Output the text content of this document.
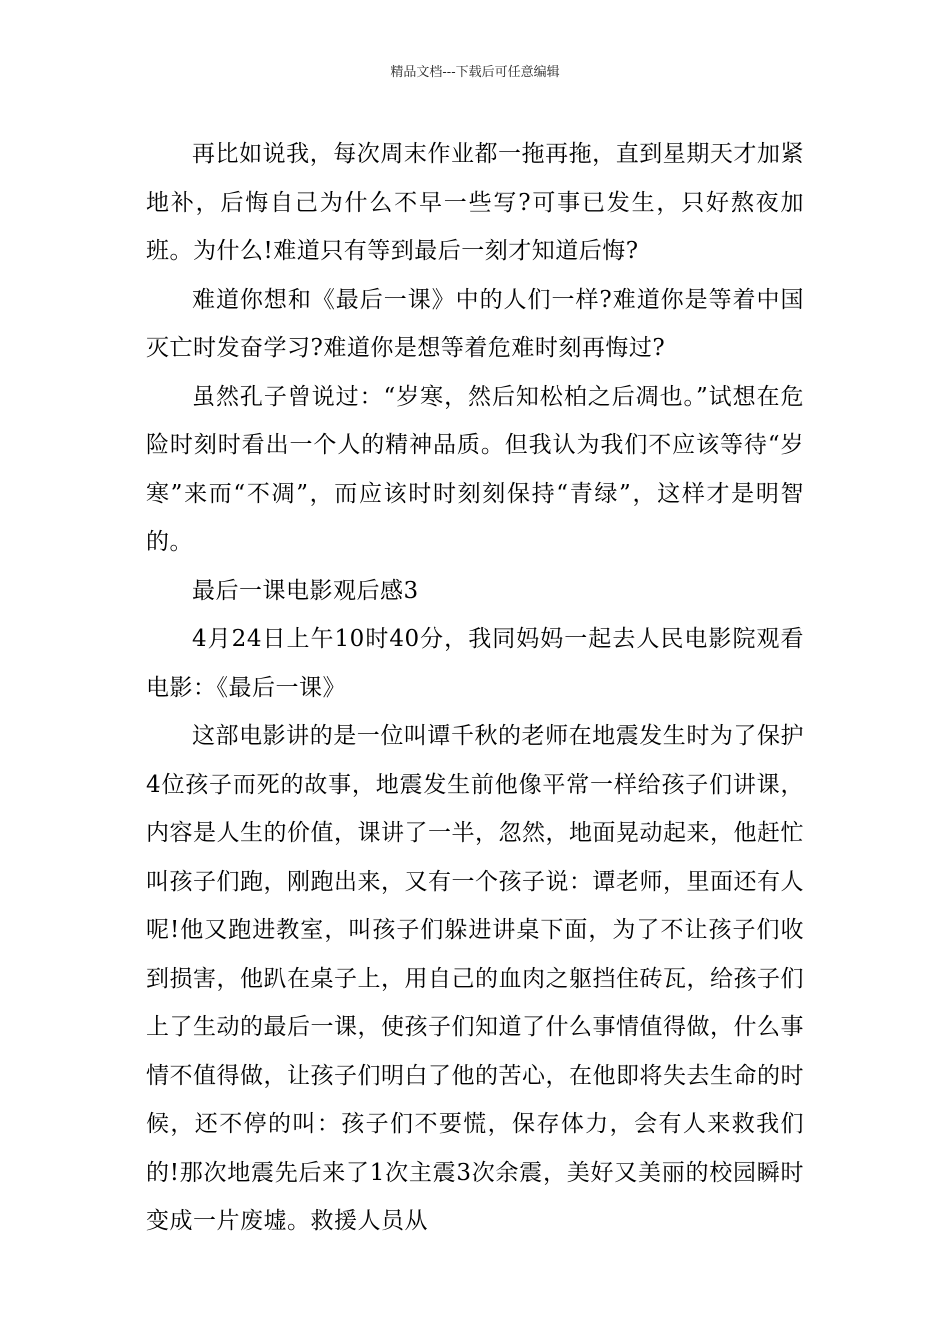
精品文档---下载后可任意编辑

再比如说我，每次周末作业都一拖再拖，直到星期天才加紧地补，后悔自己为什么不早一些写?可事已发生，只好熬夜加班。为什么!难道只有等到最后一刻才知道后悔?

难道你想和《最后一课》中的人们一样?难道你是等着中国灭亡时发奋学习?难道你是想等着危难时刻再悔过?

虽然孔子曾说过：“岁寒，然后知松柏之后凋也。”试想在危险时刻时看出一个人的精神品质。但我认为我们不应该等待“岁寒”来而“不凋”，而应该时时刻刻保持“青绿”，这样才是明智的。

最后一课电影观后感3

4月24日上午10时40分，我同妈妈一起去人民电影院观看电影：《最后一课》

这部电影讲的是一位叫谭千秋的老师在地震发生时为了保护4位孩子而死的故事，地震发生前他像平常一样给孩子们讲课，内容是人生的价值，课讲了一半，忽然，地面晃动起来，他赶忙叫孩子们跑，刚跑出来，又有一个孩子说：谭老师，里面还有人呢!他又跑进教室，叫孩子们躲进讲桌下面，为了不让孩子们收到损害，他趴在桌子上，用自己的血肉之躯挡住砖瓦，给孩子们上了生动的最后一课，使孩子们知道了什么事情值得做，什么事情不值得做，让孩子们明白了他的苦心，在他即将失去生命的时候，还不停的叫：孩子们不要慌，保存体力，会有人来救我们的!那次地震先后来了1次主震3次余震，美好又美丽的校园瞬时变成一片废墟。救援人员从
